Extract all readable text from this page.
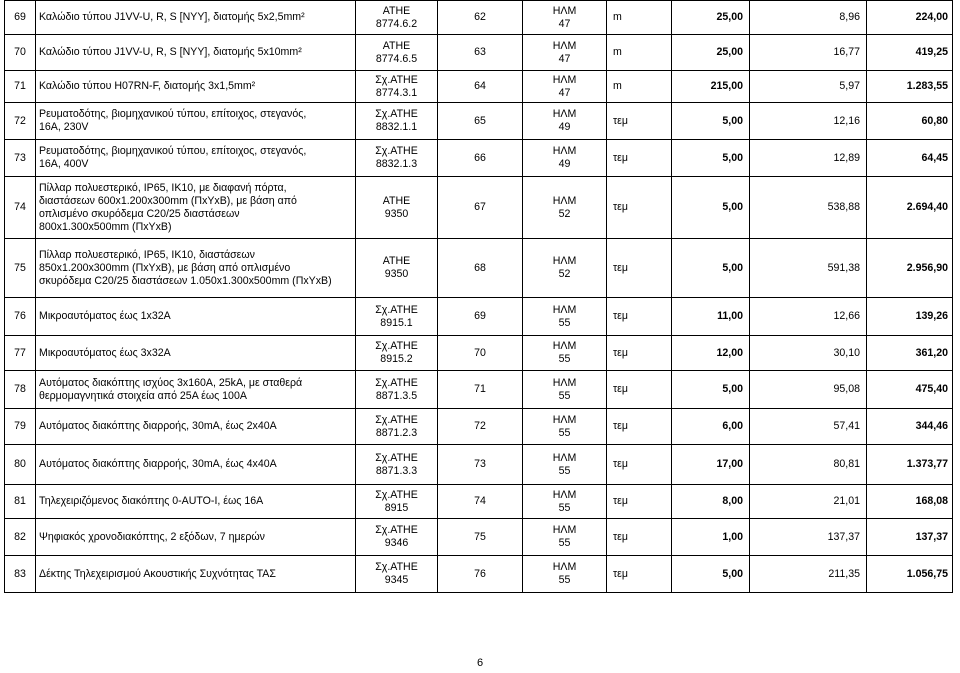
69	Καλώδιο τύπου J1VV-U, R, S [NYY], διατομής 5x2,5mm²	ΑΤΗΕ
8774.6.2	62	ΗΛΜ
47	m	25,00	8,96	224,00
70	Καλώδιο τύπου J1VV-U, R, S [NYY], διατομής 5x10mm²	ΑΤΗΕ
8774.6.5	63	ΗΛΜ
47	m	25,00	16,77	419,25
71	Καλώδιο τύπου H07RN-F, διατομής 3x1,5mm²	Σχ.ΑΤΗΕ
8774.3.1	64	ΗΛΜ
47	m	215,00	5,97	1.283,55
72	Ρευματοδότης, βιομηχανικού τύπου, επίτοιχος, στεγανός,
16Α, 230V	Σχ.ΑΤΗΕ
8832.1.1	65	ΗΛΜ
49	τεμ	5,00	12,16	60,80
73	Ρευματοδότης, βιομηχανικού τύπου, επίτοιχος, στεγανός,
16Α, 400V	Σχ.ΑΤΗΕ
8832.1.3	66	ΗΛΜ
49	τεμ	5,00	12,89	64,45
74	Πίλλαρ πολυεστερικό, IP65, IK10, με διαφανή πόρτα,
διαστάσεων 600x1.200x300mm (ΠxΥxΒ), με βάση από
οπλισμένο σκυρόδεμα C20/25 διαστάσεων
800x1.300x500mm (ΠxΥxΒ)	ΑΤΗΕ
9350	67	ΗΛΜ
52	τεμ	5,00	538,88	2.694,40
75	Πίλλαρ πολυεστερικό, IP65, IK10, διαστάσεων
850x1.200x300mm (ΠxΥxΒ), με βάση από οπλισμένο
σκυρόδεμα C20/25 διαστάσεων 1.050x1.300x500mm (ΠxΥxΒ)	ΑΤΗΕ
9350	68	ΗΛΜ
52	τεμ	5,00	591,38	2.956,90
76	Μικροαυτόματος έως 1x32A	Σχ.ΑΤΗΕ
8915.1	69	ΗΛΜ
55	τεμ	11,00	12,66	139,26
77	Μικροαυτόματος έως 3x32A	Σχ.ΑΤΗΕ
8915.2	70	ΗΛΜ
55	τεμ	12,00	30,10	361,20
78	Αυτόματος διακόπτης ισχύος 3x160A, 25kA, με σταθερά
θερμομαγνητικά στοιχεία από 25A έως 100A	Σχ.ΑΤΗΕ
8871.3.5	71	ΗΛΜ
55	τεμ	5,00	95,08	475,40
79	Αυτόματος διακόπτης διαρροής, 30mA, έως 2x40A	Σχ.ΑΤΗΕ
8871.2.3	72	ΗΛΜ
55	τεμ	6,00	57,41	344,46
80	Αυτόματος διακόπτης διαρροής, 30mA, έως 4x40A	Σχ.ΑΤΗΕ
8871.3.3	73	ΗΛΜ
55	τεμ	17,00	80,81	1.373,77
81	Τηλεχειριζόμενος διακόπτης 0-AUTO-I, έως 16A	Σχ.ΑΤΗΕ
8915	74	ΗΛΜ
55	τεμ	8,00	21,01	168,08
82	Ψηφιακός χρονοδιακόπτης, 2 εξόδων, 7 ημερών	Σχ.ΑΤΗΕ
9346	75	ΗΛΜ
55	τεμ	1,00	137,37	137,37
83	Δέκτης Τηλεχειρισμού Ακουστικής Συχνότητας ΤΑΣ	Σχ.ΑΤΗΕ
9345	76	ΗΛΜ
55	τεμ	5,00	211,35	1.056,75
6
